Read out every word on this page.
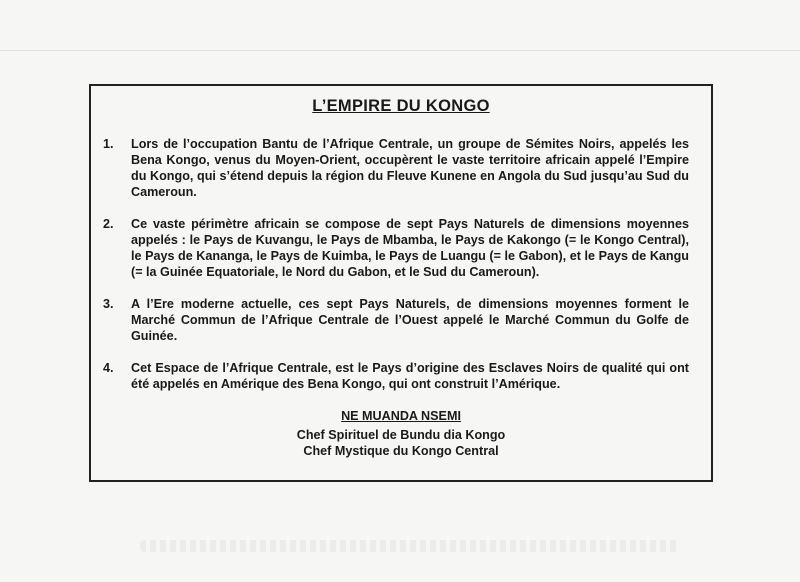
L’EMPIRE DU KONGO
1.	Lors de l’occupation Bantu de l’Afrique Centrale, un groupe de Sémites Noirs, appelés les Bena Kongo, venus du Moyen-Orient, occupèrent le vaste territoire africain appelé l’Empire du Kongo, qui s’étend depuis la région du Fleuve Kunene en Angola du Sud jusqu’au Sud du Cameroun.
2.	Ce vaste périmètre africain se compose de sept Pays Naturels de dimensions moyennes appelés : le Pays de Kuvangu, le Pays de Mbamba, le Pays de Kakongo (= le Kongo Central), le Pays de Kananga, le Pays de Kuimba, le Pays de Luangu (= le Gabon), et le Pays de Kangu (= la Guinée Equatoriale, le Nord du Gabon, et le Sud du Cameroun).
3.	A l’Ere moderne actuelle, ces sept Pays Naturels, de dimensions moyennes forment le Marché Commun de l’Afrique Centrale de l’Ouest appelé le Marché Commun du Golfe de Guinée.
4.	Cet Espace de l’Afrique Centrale, est le Pays d’origine des Esclaves Noirs de qualité qui ont été appelés en Amérique des Bena Kongo, qui ont construit l’Amérique.
NE MUANDA NSEMI
Chef Spirituel de Bundu dia Kongo
Chef Mystique du Kongo Central
